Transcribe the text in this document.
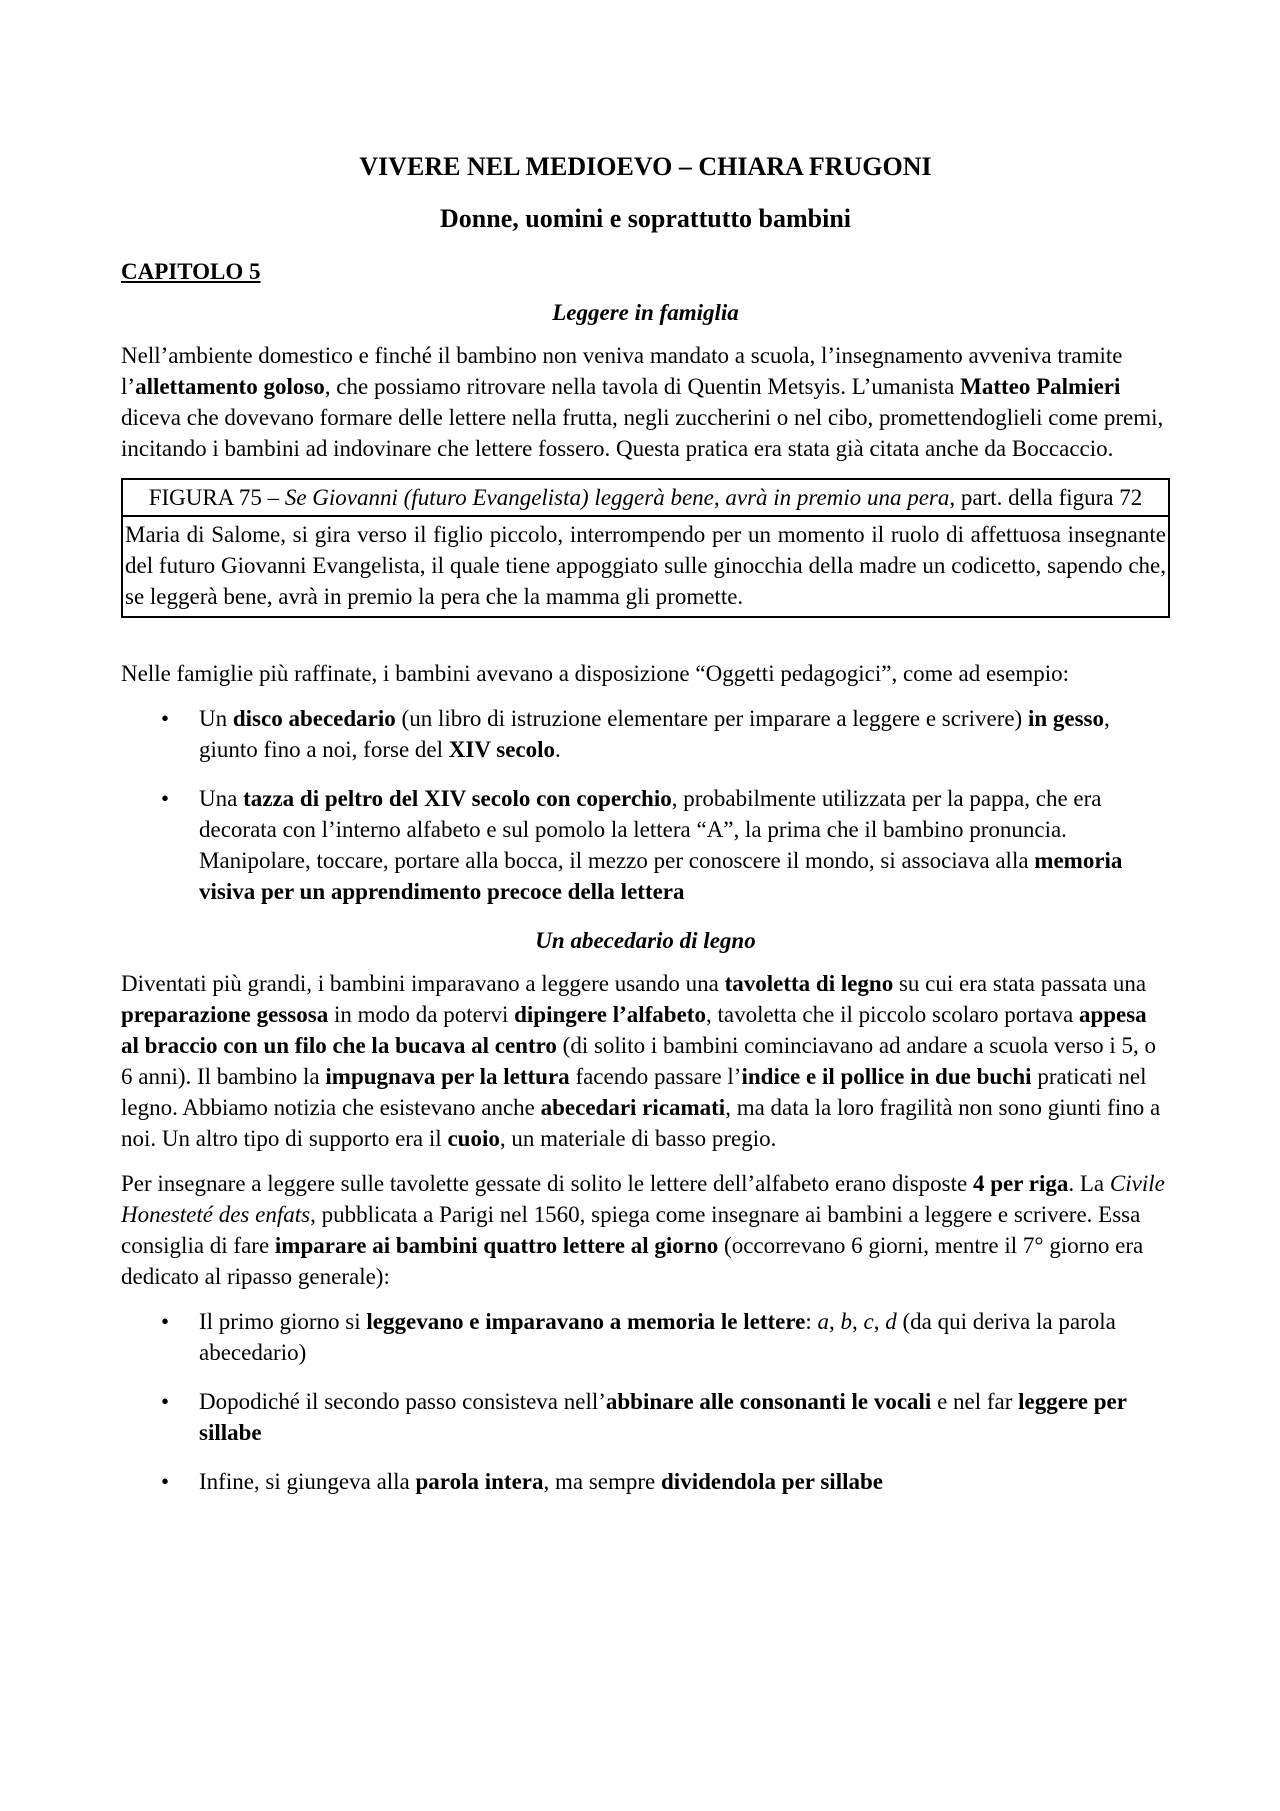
VIVERE NEL MEDIOEVO – CHIARA FRUGONI
Donne, uomini e soprattutto bambini
CAPITOLO 5
Leggere in famiglia

Nell’ambiente domestico e finché il bambino non veniva mandato a scuola, l’insegnamento avveniva tramite l’allettamento goloso, che possiamo ritrovare nella tavola di Quentin Metsyis. L’umanista Matteo Palmieri diceva che dovevano formare delle lettere nella frutta, negli zuccherini o nel cibo, promettendoglieli come premi, incitando i bambini ad indovinare che lettere fossero. Questa pratica era stata già citata anche da Boccaccio.

FIGURA 75 – Se Giovanni (futuro Evangelista) leggerà bene, avrà in premio una pera, part. della figura 72
Maria di Salome, si gira verso il figlio piccolo, interrompendo per un momento il ruolo di affettuosa insegnante del futuro Giovanni Evangelista, il quale tiene appoggiato sulle ginocchia della madre un codicetto, sapendo che, se leggerà bene, avrà in premio la pera che la mamma gli promette.

Nelle famiglie più raffinate, i bambini avevano a disposizione “Oggetti pedagogici”, come ad esempio:

• Un disco abecedario (un libro di istruzione elementare per imparare a leggere e scrivere) in gesso, giunto fino a noi, forse del XIV secolo.
• Una tazza di peltro del XIV secolo con coperchio, probabilmente utilizzata per la pappa, che era decorata con l’interno alfabeto e sul pomolo la lettera “A”, la prima che il bambino pronuncia. Manipolare, toccare, portare alla bocca, il mezzo per conoscere il mondo, si associava alla memoria visiva per un apprendimento precoce della lettera
Un abecedario di legno

Diventati più grandi, i bambini imparavano a leggere usando una tavoletta di legno su cui era stata passata una preparazione gessosa in modo da potervi dipingere l’alfabeto, tavoletta che il piccolo scolaro portava appesa al braccio con un filo che la bucava al centro (di solito i bambini cominciavano ad andare a scuola verso i 5, o 6 anni). Il bambino la impugnava per la lettura facendo passare l’indice e il pollice in due buchi praticati nel legno. Abbiamo notizia che esistevano anche abecedari ricamati, ma data la loro fragilità non sono giunti fino a noi. Un altro tipo di supporto era il cuoio, un materiale di basso pregio.

Per insegnare a leggere sulle tavolette gessate di solito le lettere dell’alfabeto erano disposte 4 per riga. La Civile Honesteté des enfats, pubblicata a Parigi nel 1560, spiega come insegnare ai bambini a leggere e scrivere. Essa consiglia di fare imparare ai bambini quattro lettere al giorno (occorrevano 6 giorni, mentre il 7° giorno era dedicato al ripasso generale):

• Il primo giorno si leggevano e imparavano a memoria le lettere: a, b, c, d (da qui deriva la parola abecedario)
• Dopodiché il secondo passo consisteva nell’abbinare alle consonanti le vocali e nel far leggere per sillabe
• Infine, si giungeva alla parola intera, ma sempre dividendola per sillabe
